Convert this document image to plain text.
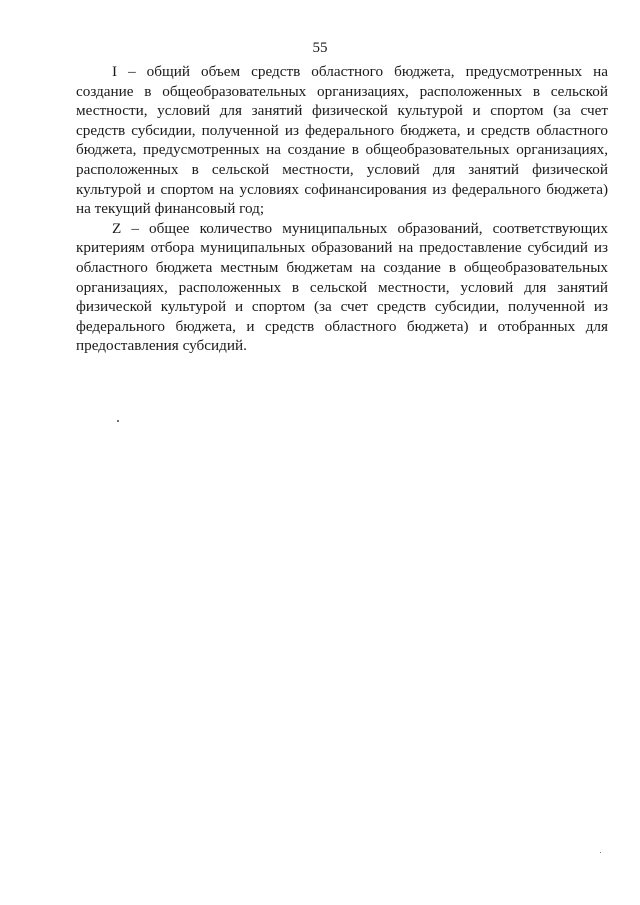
55

I – общий объем средств областного бюджета, предусмотренных на создание в общеобразовательных организациях, расположенных в сельской местности, условий для занятий физической культурой и спортом (за счет средств субсидии, полученной из федерального бюджета, и средств областного бюджета, предусмотренных на создание в общеобразовательных организациях, расположенных в сельской местности, условий для занятий физической культурой и спортом на условиях софинансирования из федерального бюджета) на текущий финансовый год;

Z – общее количество муниципальных образований, соответствующих критериям отбора муниципальных образований на предоставление субсидий из областного бюджета местным бюджетам на создание в общеобразовательных организациях, расположенных в сельской местности, условий для занятий физической культурой и спортом (за счет средств субсидии, полученной из федерального бюджета, и средств областного бюджета) и отобранных для предоставления субсидий.
